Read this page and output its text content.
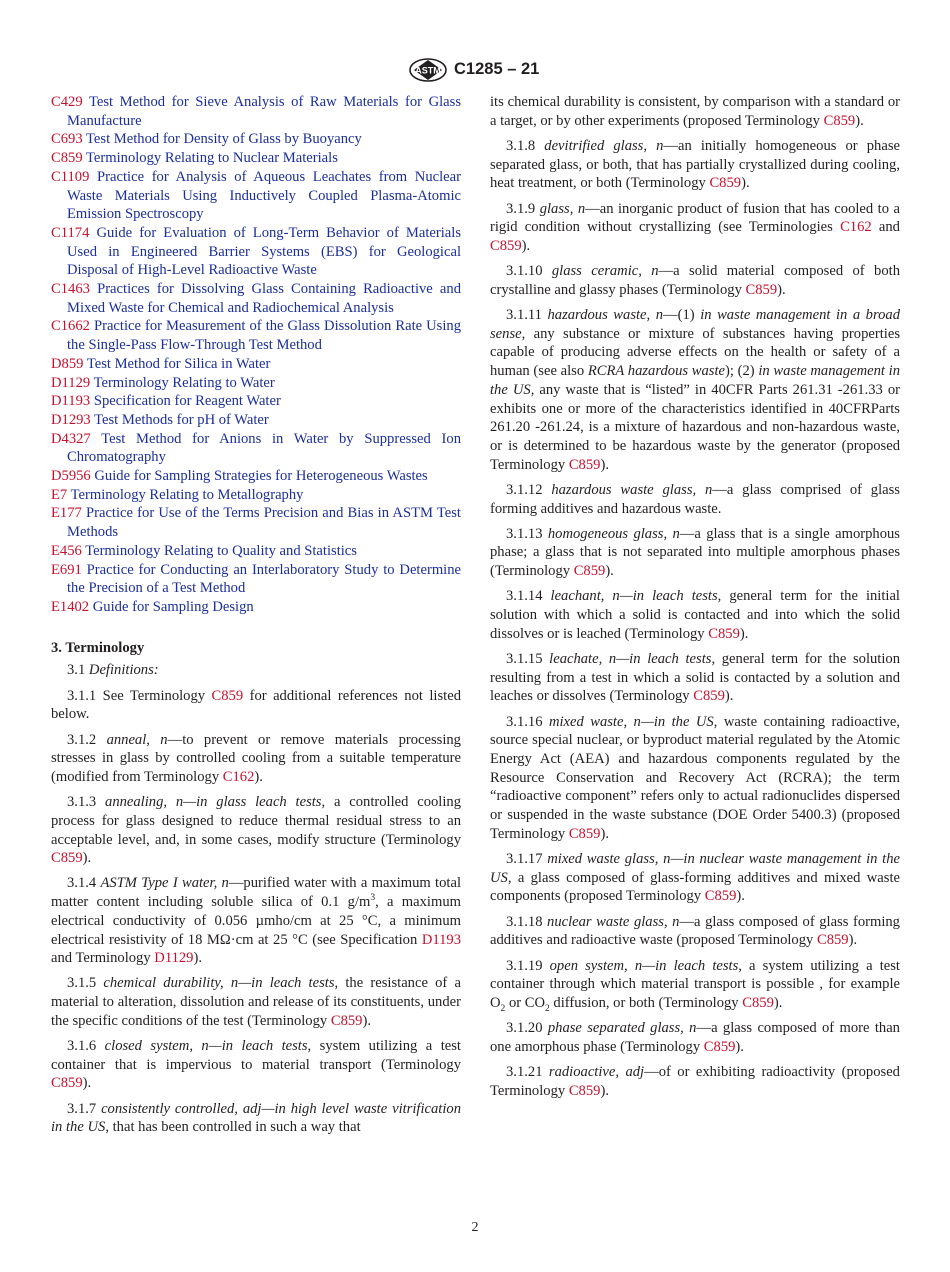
ASTM C1285 – 21

C429 Test Method for Sieve Analysis of Raw Materials for Glass Manufacture

C693 Test Method for Density of Glass by Buoyancy

C859 Terminology Relating to Nuclear Materials

C1109 Practice for Analysis of Aqueous Leachates from Nuclear Waste Materials Using Inductively Coupled Plasma-Atomic Emission Spectroscopy

C1174 Guide for Evaluation of Long-Term Behavior of Materials Used in Engineered Barrier Systems (EBS) for Geological Disposal of High-Level Radioactive Waste

C1463 Practices for Dissolving Glass Containing Radioactive and Mixed Waste for Chemical and Radiochemical Analysis

C1662 Practice for Measurement of the Glass Dissolution Rate Using the Single-Pass Flow-Through Test Method

D859 Test Method for Silica in Water

D1129 Terminology Relating to Water

D1193 Specification for Reagent Water

D1293 Test Methods for pH of Water

D4327 Test Method for Anions in Water by Suppressed Ion Chromatography

D5956 Guide for Sampling Strategies for Heterogeneous Wastes

E7 Terminology Relating to Metallography

E177 Practice for Use of the Terms Precision and Bias in ASTM Test Methods

E456 Terminology Relating to Quality and Statistics

E691 Practice for Conducting an Interlaboratory Study to Determine the Precision of a Test Method

E1402 Guide for Sampling Design

3. Terminology

3.1 Definitions:

3.1.1 See Terminology C859 for additional references not listed below.

3.1.2 anneal, n—to prevent or remove materials processing stresses in glass by controlled cooling from a suitable temperature (modified from Terminology C162).

3.1.3 annealing, n—in glass leach tests, a controlled cooling process for glass designed to reduce thermal residual stress to an acceptable level, and, in some cases, modify structure (Terminology C859).

3.1.4 ASTM Type I water, n—purified water with a maximum total matter content including soluble silica of 0.1 $g/m^3$, a maximum electrical conductivity of 0.056 µmho/cm at 25 °C, a minimum electrical resistivity of 18 MΩ·cm at 25 °C (see Specification D1193 and Terminology D1129).

3.1.5 chemical durability, n—in leach tests, the resistance of a material to alteration, dissolution and release of its constituents, under the specific conditions of the test (Terminology C859).

3.1.6 closed system, n—in leach tests, system utilizing a test container that is impervious to material transport (Terminology C859).

3.1.7 consistently controlled, adj—in high level waste vitrification in the US, that has been controlled in such a way that

its chemical durability is consistent, by comparison with a standard or a target, or by other experiments (proposed Terminology C859).

3.1.8 devitrified glass, n—an initially homogeneous or phase separated glass, or both, that has partially crystallized during cooling, heat treatment, or both (Terminology C859).

3.1.9 glass, n—an inorganic product of fusion that has cooled to a rigid condition without crystallizing (see Terminologies C162 and C859).

3.1.10 glass ceramic, n—a solid material composed of both crystalline and glassy phases (Terminology C859).

3.1.11 hazardous waste, n—(1) in waste management in a broad sense, any substance or mixture of substances having properties capable of producing adverse effects on the health or safety of a human (see also RCRA hazardous waste); (2) in waste management in the US, any waste that is “listed” in 40CFR Parts 261.31 -261.33 or exhibits one or more of the characteristics identified in 40CFRParts 261.20 -261.24, is a mixture of hazardous and non-hazardous waste, or is determined to be hazardous waste by the generator (proposed Terminology C859).

3.1.12 hazardous waste glass, n—a glass comprised of glass forming additives and hazardous waste.

3.1.13 homogeneous glass, n—a glass that is a single amorphous phase; a glass that is not separated into multiple amorphous phases (Terminology C859).

3.1.14 leachant, n—in leach tests, general term for the initial solution with which a solid is contacted and into which the solid dissolves or is leached (Terminology C859).

3.1.15 leachate, n—in leach tests, general term for the solution resulting from a test in which a solid is contacted by a solution and leaches or dissolves (Terminology C859).

3.1.16 mixed waste, n—in the US, waste containing radioactive, source special nuclear, or byproduct material regulated by the Atomic Energy Act (AEA) and hazardous components regulated by the Resource Conservation and Recovery Act (RCRA); the term “radioactive component” refers only to actual radionuclides dispersed or suspended in the waste substance (DOE Order 5400.3) (proposed Terminology C859).

3.1.17 mixed waste glass, n—in nuclear waste management in the US, a glass composed of glass-forming additives and mixed waste components (proposed Terminology C859).

3.1.18 nuclear waste glass, n—a glass composed of glass forming additives and radioactive waste (proposed Terminology C859).

3.1.19 open system, n—in leach tests, a system utilizing a test container through which material transport is possible , for example $O_2$ or $CO_2$ diffusion, or both (Terminology C859).

3.1.20 phase separated glass, n—a glass composed of more than one amorphous phase (Terminology C859).

3.1.21 radioactive, adj—of or exhibiting radioactivity (proposed Terminology C859).

2
